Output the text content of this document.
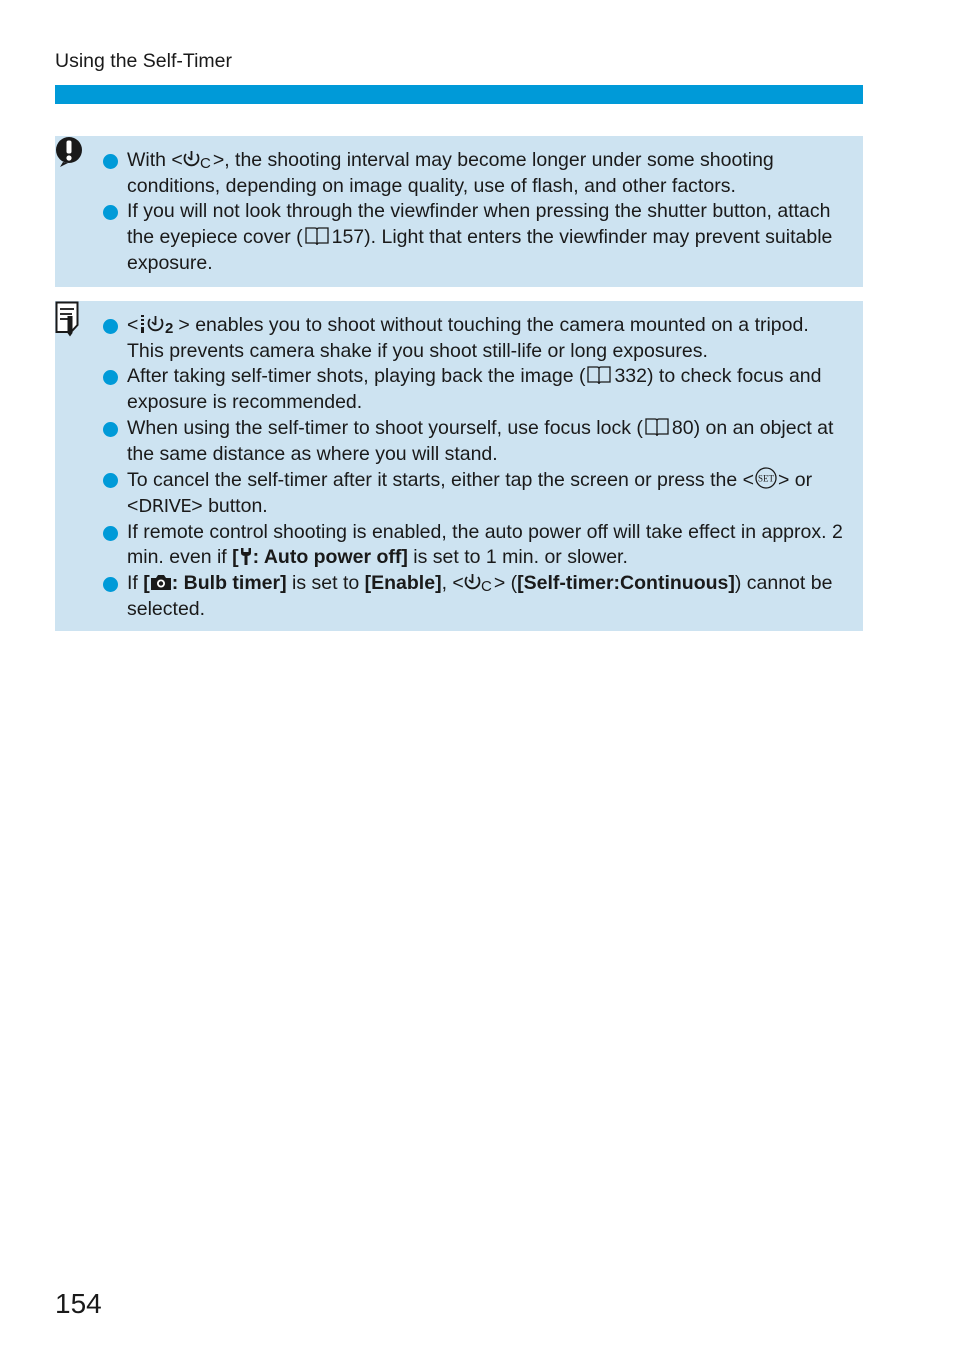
Using the Self-Timer
With < C >, the shooting interval may become longer under some shooting conditions, depending on image quality, use of flash, and other factors.
If you will not look through the viewfinder when pressing the shutter button, attach the eyepiece cover ( 157). Light that enters the viewfinder may prevent suitable exposure.
< 2 > enables you to shoot without touching the camera mounted on a tripod. This prevents camera shake if you shoot still-life or long exposures.
After taking self-timer shots, playing back the image ( 332) to check focus and exposure is recommended.
When using the self-timer to shoot yourself, use focus lock ( 80) on an object at the same distance as where you will stand.
To cancel the self-timer after it starts, either tap the screen or press the < SET > or <DRIVE> button.
If remote control shooting is enabled, the auto power off will take effect in approx. 2 min. even if [ : Auto power off] is set to 1 min. or slower.
If [ : Bulb timer] is set to [Enable], < C > ([Self-timer:Continuous]) cannot be selected.
154
